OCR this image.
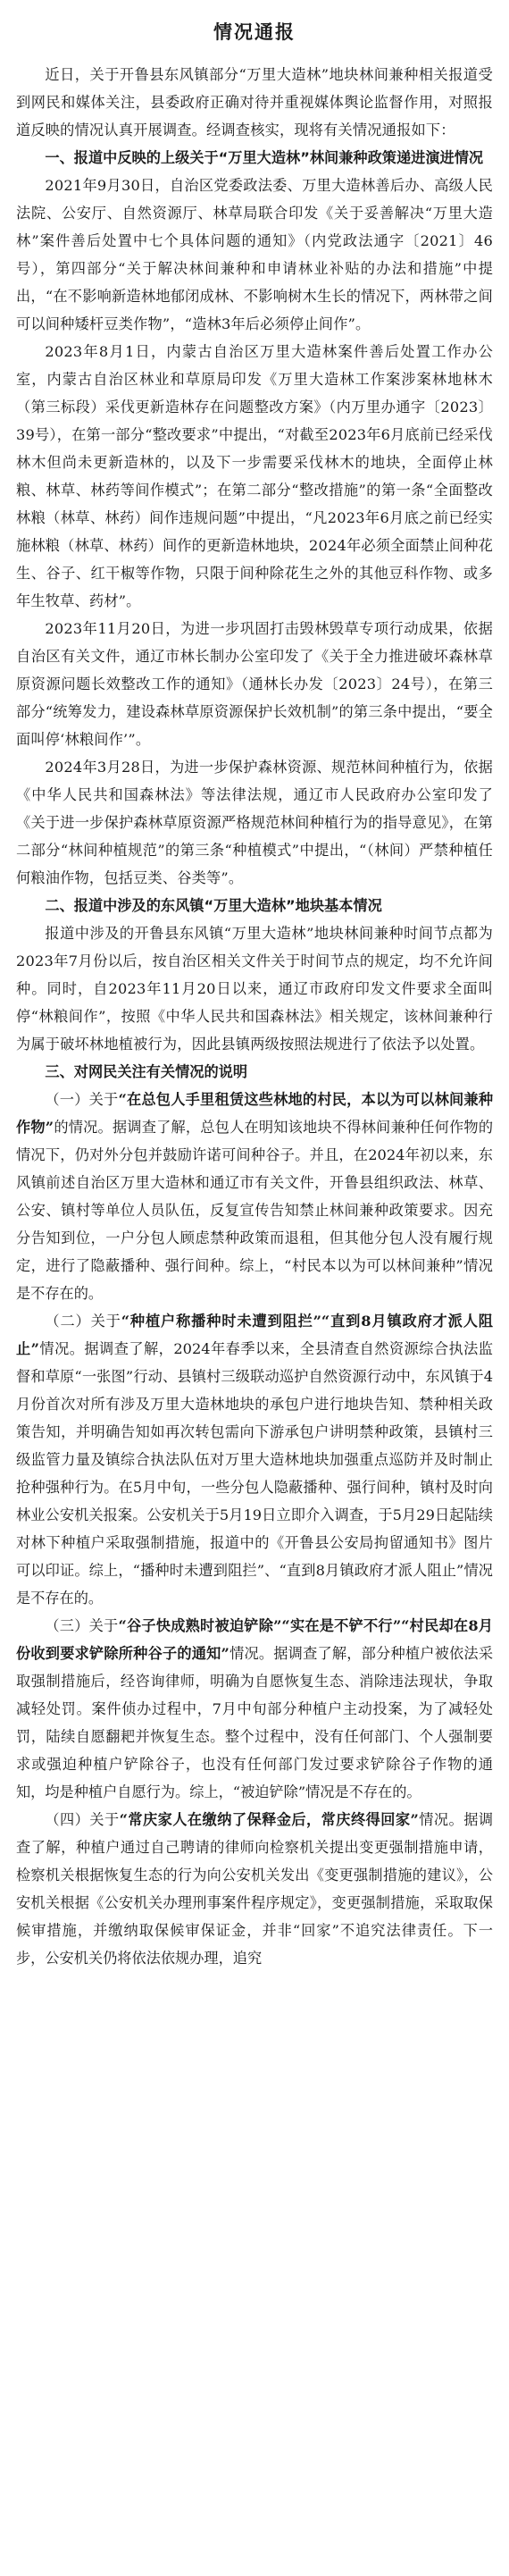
情况通报

近日，关于开鲁县东风镇部分“万里大造林”地块林间兼种相关报道受到网民和媒体关注，县委政府正确对待并重视媒体舆论监督作用，对照报道反映的情况认真开展调查。经调查核实，现将有关情况通报如下：

一、报道中反映的上级关于“万里大造林”林间兼种政策递进演进情况

2021年9月30日，自治区党委政法委、万里大造林善后办、高级人民法院、公安厅、自然资源厅、林草局联合印发《关于妥善解决“万里大造林”案件善后处置中七个具体问题的通知》（内党政法通字〔2021〕46号），第四部分“关于解决林间兼种和申请林业补贴的办法和措施”中提出，“在不影响新造林地郁闭成林、不影响树木生长的情况下，两林带之间可以间种矮杆豆类作物”，“造林3年后必须停止间作”。

2023年8月1日，内蒙古自治区万里大造林案件善后处置工作办公室，内蒙古自治区林业和草原局印发《万里大造林工作案涉案林地林木（第三标段）采伐更新造林存在问题整改方案》（内万里办通字〔2023〕39号），在第一部分“整改要求”中提出，“对截至2023年6月底前已经采伐林木但尚未更新造林的，以及下一步需要采伐林木的地块，全面停止林粮、林草、林药等间作模式”；在第二部分“整改措施”的第一条“全面整改林粮（林草、林药）间作违规问题”中提出，“凡2023年6月底之前已经实施林粮（林草、林药）间作的更新造林地块，2024年必须全面禁止间种花生、谷子、红干椒等作物，只限于间种除花生之外的其他豆科作物、或多年生牧草、药材”。

2023年11月20日，为进一步巩固打击毁林毁草专项行动成果，依据自治区有关文件，通辽市林长制办公室印发了《关于全力推进破坏森林草原资源问题长效整改工作的通知》（通林长办发〔2023〕24号），在第三部分“统筹发力，建设森林草原资源保护长效机制”的第三条中提出，“要全面叫停‘林粮间作’”。

2024年3月28日，为进一步保护森林资源、规范林间种植行为，依据《中华人民共和国森林法》等法律法规，通辽市人民政府办公室印发了《关于进一步保护森林草原资源严格规范林间种植行为的指导意见》，在第二部分“林间种植规范”的第三条“种植模式”中提出，“（林间）严禁种植任何粮油作物，包括豆类、谷类等”。

二、报道中涉及的东风镇“万里大造林”地块基本情况

报道中涉及的开鲁县东风镇“万里大造林”地块林间兼种时间节点都为2023年7月份以后，按自治区相关文件关于时间节点的规定，均不允许间种。同时，自2023年11月20日以来，通辽市政府印发文件要求全面叫停“林粮间作”，按照《中华人民共和国森林法》相关规定，该林间兼种行为属于破坏林地植被行为，因此县镇两级按照法规进行了依法予以处置。

三、对网民关注有关情况的说明

（一）关于“在总包人手里租赁这些林地的村民，本以为可以林间兼种作物”的情况。据调查了解，总包人在明知该地块不得林间兼种任何作物的情况下，仍对外分包并鼓励许诺可间种谷子。并且，在2024年初以来，东风镇前述自治区万里大造林和通辽市有关文件，开鲁县组织政法、林草、公安、镇村等单位人员队伍，反复宣传告知禁止林间兼种政策要求。因充分告知到位，一户分包人顾虑禁种政策而退租，但其他分包人没有履行规定，进行了隐蔽播种、强行间种。综上，“村民本以为可以林间兼种”情况是不存在的。

（二）关于“种植户称播种时未遭到阻拦”“直到8月镇政府才派人阻止”情况。据调查了解，2024年春季以来，全县清查自然资源综合执法监督和草原“一张图”行动、县镇村三级联动巡护自然资源行动中，东风镇于4月份首次对所有涉及万里大造林地块的承包户进行地块告知、禁种相关政策告知，并明确告知如再次转包需向下游承包户讲明禁种政策，县镇村三级监管力量及镇综合执法队伍对万里大造林地块加强重点巡防并及时制止抢种强种行为。在5月中旬，一些分包人隐蔽播种、强行间种，镇村及时向林业公安机关报案。公安机关于5月19日立即介入调查，于5月29日起陆续对林下种植户采取强制措施，报道中的《开鲁县公安局拘留通知书》图片可以印证。综上，“播种时未遭到阻拦”、“直到8月镇政府才派人阻止”情况是不存在的。

（三）关于“谷子快成熟时被迫铲除”“实在是不铲不行”“村民却在8月份收到要求铲除所种谷子的通知”情况。据调查了解，部分种植户被依法采取强制措施后，经咨询律师，明确为自愿恢复生态、消除违法现状，争取减轻处罚。案件侦办过程中，7月中旬部分种植户主动投案，为了减轻处罚，陆续自愿翻耙并恢复生态。整个过程中，没有任何部门、个人强制要求或强迫种植户铲除谷子，也没有任何部门发过要求铲除谷子作物的通知，均是种植户自愿行为。综上，“被迫铲除”情况是不存在的。

（四）关于“常庆家人在缴纳了保释金后，常庆终得回家”情况。据调查了解，种植户通过自己聘请的律师向检察机关提出变更强制措施申请，检察机关根据恢复生态的行为向公安机关发出《变更强制措施的建议》，公安机关根据《公安机关办理刑事案件程序规定》，变更强制措施，采取取保候审措施，并缴纳取保候审保证金，并非“回家”不追究法律责任。下一步，公安机关仍将依法依规办理，追究
